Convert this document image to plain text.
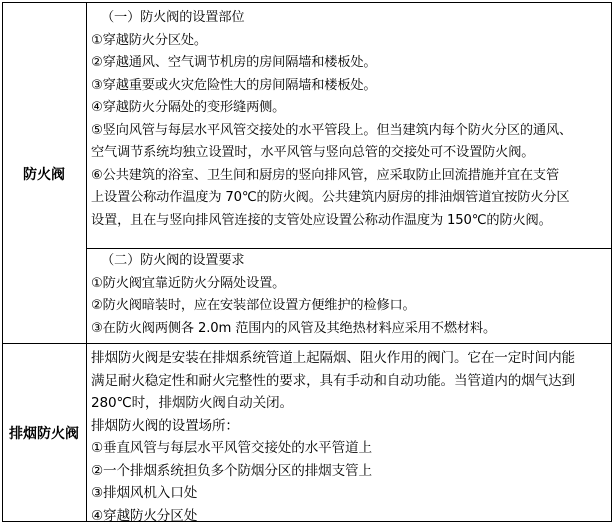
防火阀
（一）防火阀的设置部位
①穿越防火分区处。
②穿越通风、空气调节机房的房间隔墙和楼板处。
③穿越重要或火灾危险性大的房间隔墙和楼板处。
④穿越防火分隔处的变形缝两侧。
⑤竖向风管与每层水平风管交接处的水平管段上。但当建筑内每个防火分区的通风、
空气调节系统均独立设置时，水平风管与竖向总管的交接处可不设置防火阀。
⑥公共建筑的浴室、卫生间和厨房的竖向排风管，应采取防止回流措施并宜在支管
上设置公称动作温度为 70℃的防火阀。公共建筑内厨房的排油烟管道宜按防火分区
设置，且在与竖向排风管连接的支管处应设置公称动作温度为 150℃的防火阀。
（二）防火阀的设置要求
①防火阀宜靠近防火分隔处设置。
②防火阀暗装时，应在安装部位设置方便维护的检修口。
③在防火阀两侧各 2.0m 范围内的风管及其绝热材料应采用不燃材料。
排烟防火阀
排烟防火阀是安装在排烟系统管道上起隔烟、阻火作用的阀门。它在一定时间内能
满足耐火稳定性和耐火完整性的要求，具有手动和自动功能。当管道内的烟气达到
280℃时，排烟防火阀自动关闭。
排烟防火阀的设置场所：
①垂直风管与每层水平风管交接处的水平管道上
②一个排烟系统担负多个防烟分区的排烟支管上
③排烟风机入口处
④穿越防火分区处
